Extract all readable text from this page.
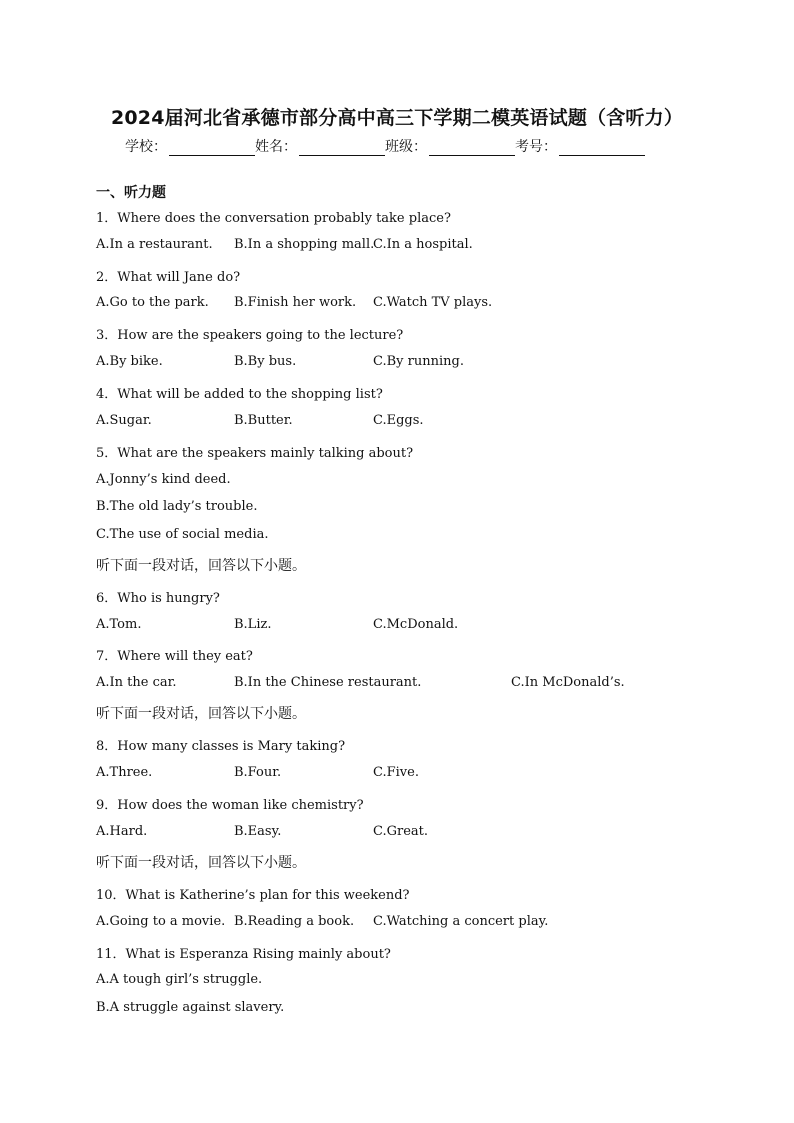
2024届河北省承德市部分高中高三下学期二模英语试题（含听力）
学校：	姓名：	班级：	考号：
一、听力题
1．Where does the conversation probably take place?
A.In a restaurant. B.In a shopping mall.
C.In a hospital.
2．What will Jane do?
A.Go to the park. B.Finish her work. C.Watch TV plays.
3．How are the speakers going to the lecture?
A.By bike.	B.By bus.	C.By running.
4．What will be added to the shopping list?
A.Sugar.	B.Butter.	C.Eggs.
5．What are the speakers mainly talking about?
A.Jonny’s kind deed.
B.The old lady’s trouble.
C.The use of social media.
听下面一段对话，回答以下小题。
6．Who is hungry?
A.Tom.	B.Liz.	C.McDonald.
7．Where will they eat?
A.In the car.	B.In the Chinese restaurant.	C.In McDonald’s.
听下面一段对话，回答以下小题。
8．How many classes is Mary taking?
A.Three.	B.Four.	C.Five.
9．How does the woman like chemistry?
A.Hard.	B.Easy.	C.Great.
听下面一段对话，回答以下小题。
10．What is Katherine’s plan for this weekend?
A.Going to a movie. B.Reading a book. C.Watching a concert play.
11．What is Esperanza Rising mainly about?
A.A tough girl’s struggle.
B.A struggle against slavery.
